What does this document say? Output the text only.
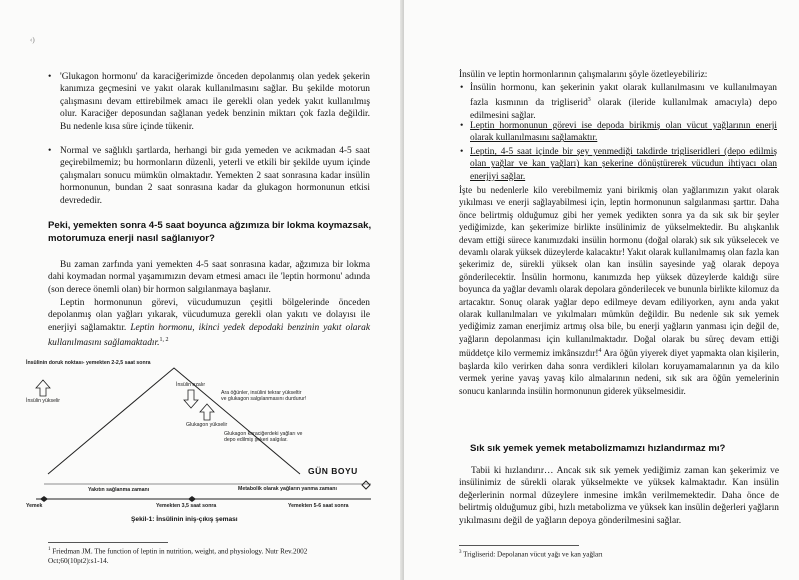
‹)
• 'Glukagon hormonu' da karaciğerimizde önceden depolanmış olan yedek şekerin kanımıza geçmesini ve yakıt olarak kullanılmasını sağlar. Bu şekilde motorun çalışmasını devam ettirebilmek amacı ile gerekli olan yedek yakıt kullanılmış olur. Karaciğer deposundan sağlanan yedek benzinin miktarı çok fazla değildir. Bu nedenle kısa süre içinde tükenir.

• Normal ve sağlıklı şartlarda, herhangi bir gıda yemeden ve acıkmadan 4-5 saat geçirebilmemiz; bu hormonların düzenli, yeterli ve etkili bir şekilde uyum içinde çalışmaları sonucu mümkün olmaktadır. Yemekten 2 saat sonrasına kadar insülin hormonunun, bundan 2 saat sonrasına kadar da glukagon hormonunun etkisi devrededir.

Peki, yemekten sonra 4-5 saat boyunca ağzımıza bir lokma koymazsak, motorumuza enerji nasıl sağlanıyor?

Bu zaman zarfında yani yemekten 4-5 saat sonrasına kadar, ağzımıza bir lokma dahi koymadan normal yaşamımızın devam etmesi amacı ile 'leptin hormonu' adında (son derece önemli olan) bir hormon salgılanmaya başlanır.

Leptin hormonunun görevi, vücudumuzun çeşitli bölgelerinde önceden depolanmış olan yağları yıkarak, vücudumuza gerekli olan yakıtı ve dolayısı ile enerjiyi sağlamaktır. Leptin hormonu, ikinci yedek depodaki benzinin yakıt olarak kullanılmasını sağlamaktadır.$^{1, 2}$

İnsülinin doruk noktası- yemekten 2-2,5 saat sonra
İnsülin yükselir
İnsülin azalır
Ara öğünler, insülini tekrar yükseltir ve glukagon salgılanmasını durdurur!
Glukagon yükselir
Glukagon karaciğerdeki yağları ve depo edilmiş şekeri salgılar.
GÜN BOYU
Metabolik olarak yağların yanma zamanı
Yakıtın sağlanma zamanı
Yemek	Yemekten 3,5 saat sonra	Yemekten 5-6 saat sonra
Şekil-1: İnsülinin iniş-çıkış şeması

$^1$ Friedman JM. The function of leptin in nutrition, weight, and physiology. Nutr Rev.2002 Oct;60(10pt2):s1-14.

İnsülin ve leptin hormonlarının çalışmalarını şöyle özetleyebiliriz:

• İnsülin hormonu, kan şekerinin yakıt olarak kullanılmasını ve kullanılmayan fazla kısmının da trigliserid$^3$ olarak (ileride kullanılmak amacıyla) depo edilmesini sağlar.

• Leptin hormonunun görevi ise depoda birikmiş olan vücut yağlarının enerji olarak kullanılmasını sağlamaktır.

• Leptin, 4-5 saat içinde bir şey yenmediği takdirde trigliseridleri (depo edilmiş olan yağlar ve kan yağları) kan şekerine dönüştürerek vücudun ihtiyacı olan enerjiyi sağlar.

İşte bu nedenlerle kilo verebilmemiz yani birikmiş olan yağlarımızın yakıt olarak yıkılması ve enerji sağlayabilmesi için, leptin hormonunun salgılanması şarttır. Daha önce belirtmiş olduğumuz gibi her yemek yedikten sonra ya da sık sık bir şeyler yediğimizde, kan şekerimize birlikte insülinimiz de yükselmektedir. Bu alışkanlık devam ettiği sürece kanımızdaki insülin hormonu (doğal olarak) sık sık yükselecek ve devamlı olarak yüksek düzeylerde kalacaktır! Yakıt olarak kullanılmamış olan fazla kan şekerimiz de, sürekli yüksek olan kan insülin sayesinde yağ olarak depoya gönderilecektir. İnsülin hormonu, kanımızda hep yüksek düzeylerde kaldığı süre boyunca da yağlar devamlı olarak depolara gönderilecek ve bununla birlikte kilomuz da artacaktır. Sonuç olarak yağlar depo edilmeye devam ediliyorken, aynı anda yakıt olarak kullanılmaları ve yıkılmaları mümkün değildir. Bu nedenle sık sık yemek yediğimiz zaman enerjimiz artmış olsa bile, bu enerji yağların yanması için değil de, yağların depolanması için kullanılmaktadır. Doğal olarak bu süreç devam ettiği müddetçe kilo vermemiz imkânsızdır!$^4$ Ara öğün yiyerek diyet yapmakta olan kişilerin, başlarda kilo verirken daha sonra verdikleri kiloları koruyamamalarının ya da kilo vermek yerine yavaş yavaş kilo almalarının nedeni, sık sık ara öğün yemelerinin sonucu kanlarında insülin hormonunun giderek yükselmesidir.

Sık sık yemek yemek metabolizmamızı hızlandırmaz mı?

Tabii ki hızlandırır… Ancak sık sık yemek yediğimiz zaman kan şekerimiz ve insülinimiz de sürekli olarak yükselmekte ve yüksek kalmaktadır. Kan insülin değerlerinin normal düzeylere inmesine imkân verilmemektedir. Daha önce de belirtmiş olduğumuz gibi, hızlı metabolizma ve yüksek kan insülin değerleri yağların yıkılmasını değil de yağların depoya gönderilmesini sağlar.

$^3$ Trigliserid: Depolanan vücut yağı ve kan yağları
